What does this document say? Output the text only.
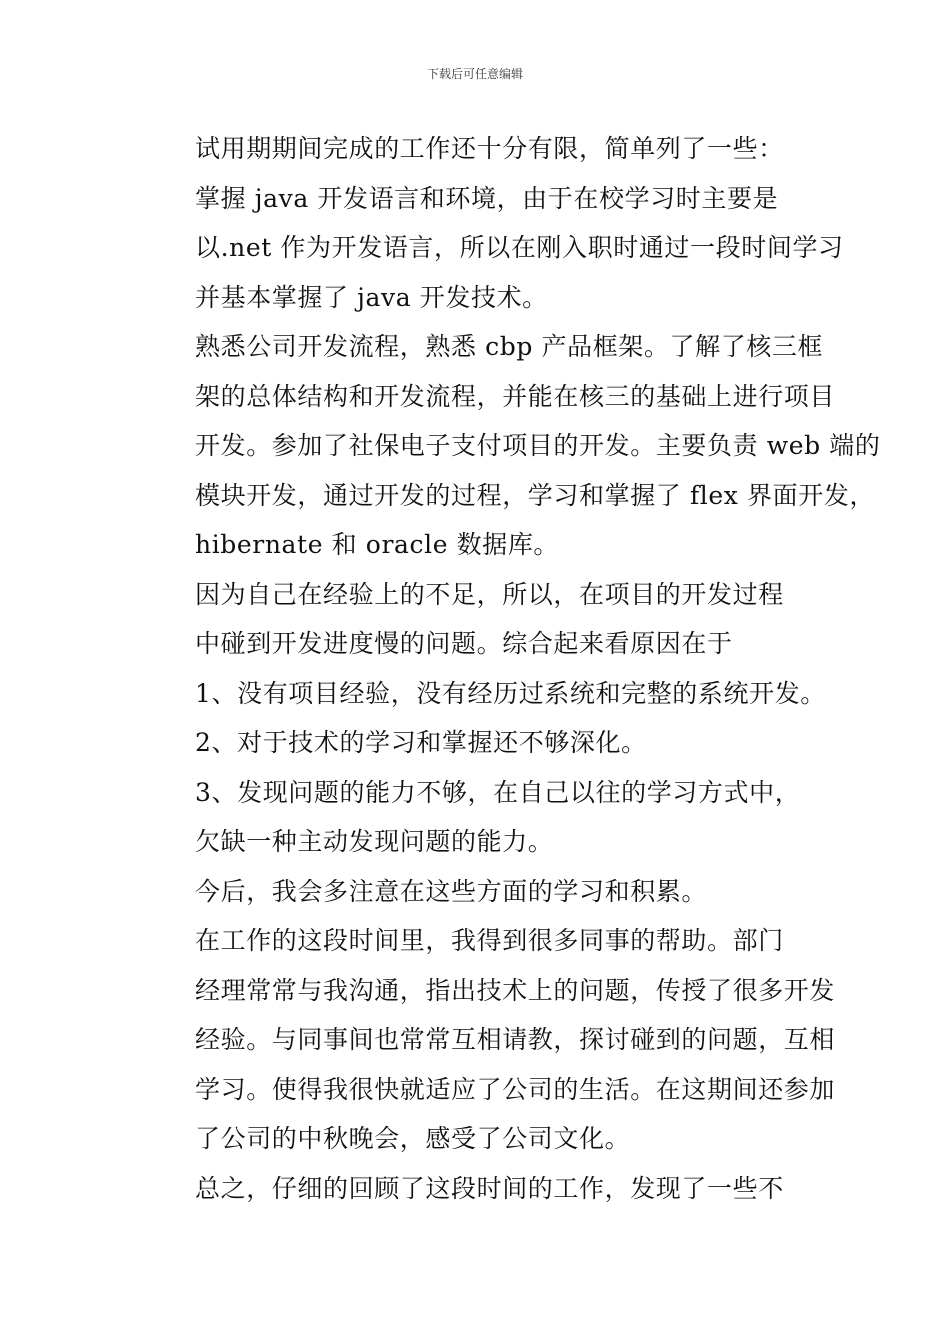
下载后可任意编辑

试用期期间完成的工作还十分有限，简单列了一些：

掌握 java 开发语言和环境，由于在校学习时主要是
以.net 作为开发语言，所以在刚入职时通过一段时间学习
并基本掌握了 java 开发技术。

熟悉公司开发流程，熟悉 cbp 产品框架。了解了核三框
架的总体结构和开发流程，并能在核三的基础上进行项目
开发。参加了社保电子支付项目的开发。主要负责 web 端的
模块开发，通过开发的过程，学习和掌握了 flex 界面开发，
hibernate 和 oracle 数据库。

因为自己在经验上的不足，所以，在项目的开发过程
中碰到开发进度慢的问题。综合起来看原因在于

1、没有项目经验，没有经历过系统和完整的系统开发。

2、对于技术的学习和掌握还不够深化。

3、发现问题的能力不够，在自己以往的学习方式中，
欠缺一种主动发现问题的能力。

今后，我会多注意在这些方面的学习和积累。

在工作的这段时间里，我得到很多同事的帮助。部门
经理常常与我沟通，指出技术上的问题，传授了很多开发
经验。与同事间也常常互相请教，探讨碰到的问题，互相
学习。使得我很快就适应了公司的生活。在这期间还参加
了公司的中秋晚会，感受了公司文化。

总之，仔细的回顾了这段时间的工作，发现了一些不
